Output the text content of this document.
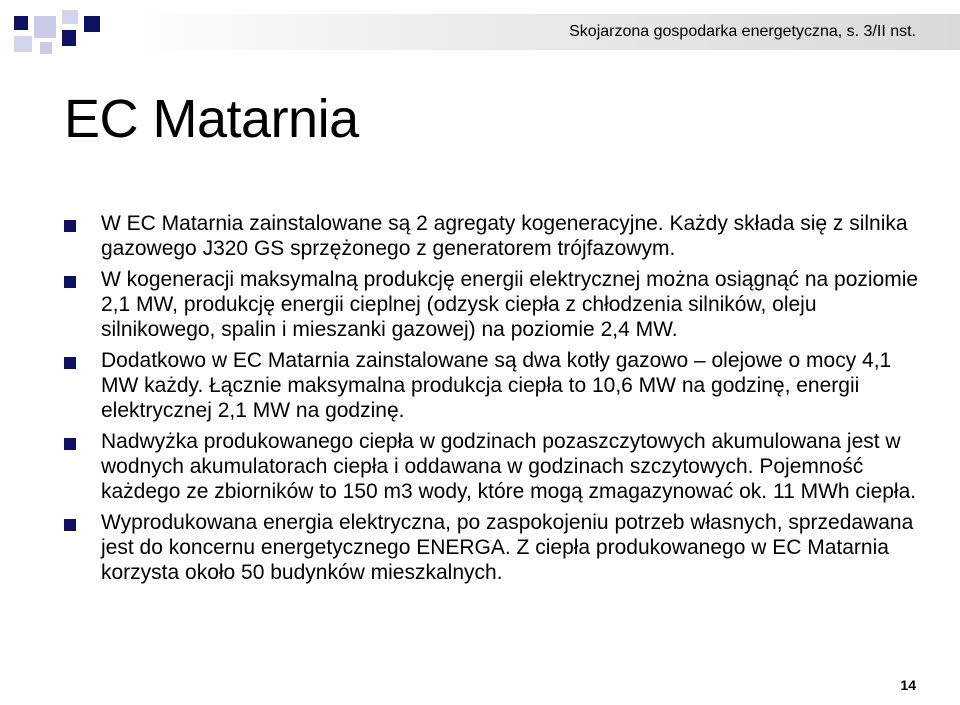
Skojarzona gospodarka energetyczna, s. 3/II nst.
EC Matarnia
W EC Matarnia zainstalowane są 2 agregaty kogeneracyjne. Każdy składa się z silnika gazowego J320 GS sprzężonego z generatorem trójfazowym.
W kogeneracji maksymalną produkcję energii elektrycznej można osiągnąć na poziomie 2,1 MW, produkcję energii cieplnej (odzysk ciepła z chłodzenia silników, oleju silnikowego, spalin i mieszanki gazowej) na poziomie 2,4 MW.
Dodatkowo w EC Matarnia zainstalowane są dwa kotły gazowo – olejowe o mocy 4,1 MW każdy. Łącznie maksymalna produkcja ciepła to 10,6 MW na godzinę, energii elektrycznej 2,1 MW na godzinę.
Nadwyżka produkowanego ciepła w godzinach pozaszczytowych akumulowana jest w wodnych akumulatorach ciepła i oddawana w godzinach szczytowych. Pojemność każdego ze zbiorników to 150 m3 wody, które mogą zmagazynować ok. 11 MWh ciepła.
Wyprodukowana energia elektryczna, po zaspokojeniu potrzeb własnych, sprzedawana jest do koncernu energetycznego ENERGA. Z ciepła produkowanego w EC Matarnia korzysta około 50 budynków mieszkalnych.
14
